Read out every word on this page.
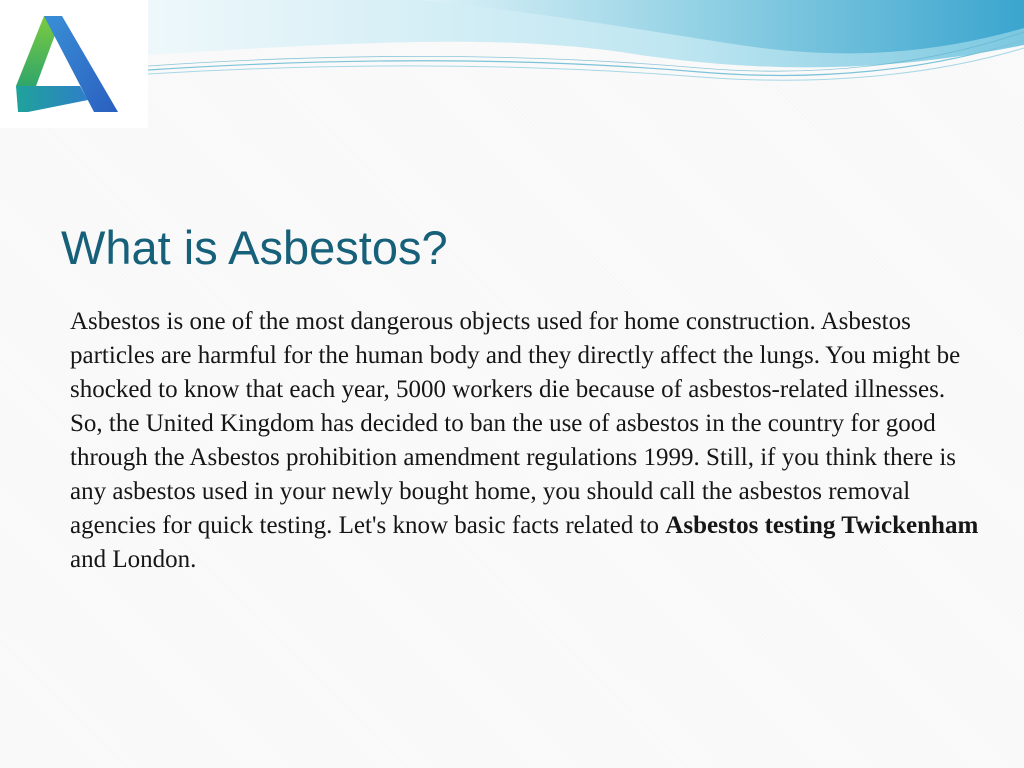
What is Asbestos?

Asbestos is one of the most dangerous objects used for home construction. Asbestos particles are harmful for the human body and they directly affect the lungs. You might be shocked to know that each year, 5000 workers die because of asbestos-related illnesses. So, the United Kingdom has decided to ban the use of asbestos in the country for good through the Asbestos prohibition amendment regulations 1999. Still, if you think there is any asbestos used in your newly bought home, you should call the asbestos removal agencies for quick testing. Let's know basic facts related to Asbestos testing Twickenham and London.
